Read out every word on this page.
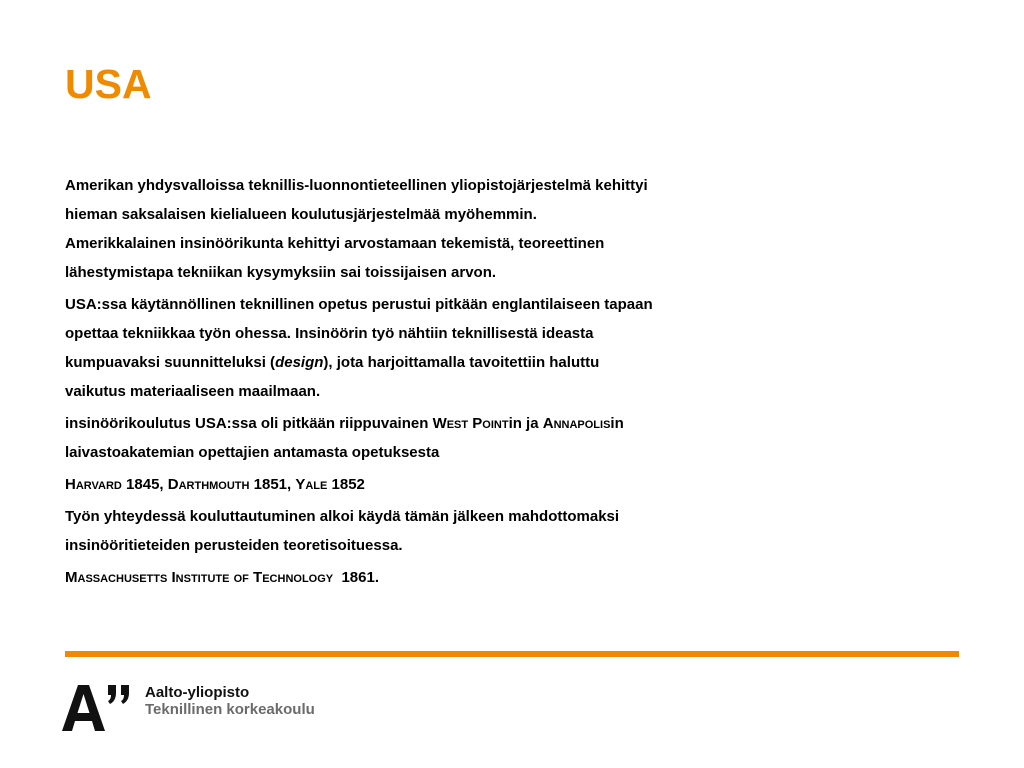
USA
Amerikan yhdysvalloissa teknillis-luonnontieteellinen yliopistojärjestelmä kehittyi
hieman saksalaisen kielialueen koulutusjärjestelmää myöhemmin.
Amerikkalainen insinöörikunta kehittyi arvostamaan tekemistä, teoreettinen
lähestymistapa tekniikan kysymyksiin sai toissijaisen arvon.
USA:ssa käytännöllinen teknillinen opetus perustui pitkään englantilaiseen tapaan
opettaa tekniikkaa työn ohessa. Insinöörin työ nähtiin teknillisestä ideasta
kumpuavaksi suunnitteluksi (design), jota harjoittamalla tavoitettiin haluttu
vaikutus materiaaliseen maailmaan.
insinöörikoulutus USA:ssa oli pitkään riippuvainen West Pointin ja Annapolisin
laivastoakatemian opettajien antamasta opetuksesta
Harvard 1845, Darthmouth 1851, Yale 1852
Työn yhteydessä kouluttautuminen alkoi käydä tämän jälkeen mahdottomaksi
insinööritieteiden perusteiden teoretisoituessa.
Massachusetts Institute of Technology  1861.
Aalto-yliopisto
Teknillinen korkeakoulu
